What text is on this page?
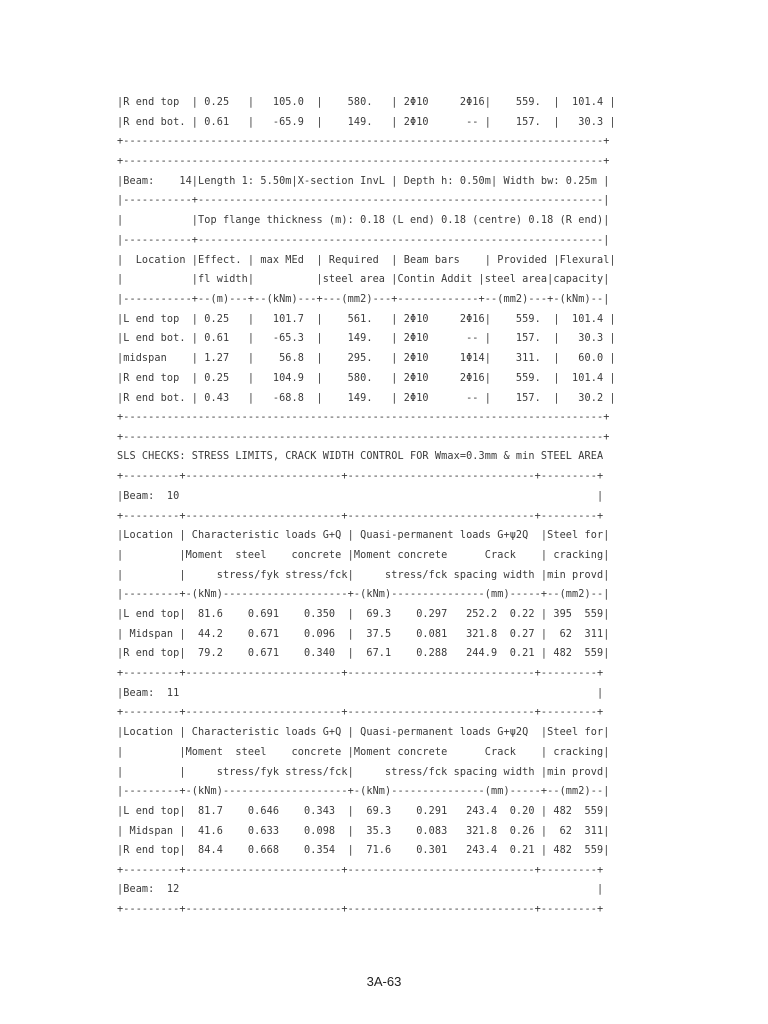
|R end top  | 0.25   |   105.0  |    580.   | 2Φ10     2Φ16|    559.  |  101.4 |
|R end bot. | 0.61   |   -65.9  |    149.   | 2Φ10      -- |    157.  |   30.3 |
+-----------------------------------------------------------------------------+
+-----------------------------------------------------------------------------+
|Beam:    14|Length 1: 5.50m|X-section InvL | Depth h: 0.50m| Width bw: 0.25m |
|-----------+-----------------------------------------------------------------|
|           |Top flange thickness (m): 0.18 (L end) 0.18 (centre) 0.18 (R end)|
|-----------+-----------------------------------------------------------------|
|  Location |Effect. | max MEd  | Required  | Beam bars    | Provided |Flexural|
|           |fl width|          |steel area |Contin Addit |steel area|capacity|
|-----------+--(m)---+--(kNm)---+---(mm2)---+-------------+--(mm2)---+-(kNm)--|
|L end top  | 0.25   |   101.7  |    561.   | 2Φ10     2Φ16|    559.  |  101.4 |
|L end bot. | 0.61   |   -65.3  |    149.   | 2Φ10      -- |    157.  |   30.3 |
|midspan    | 1.27   |    56.8  |    295.   | 2Φ10     1Φ14|    311.  |   60.0 |
|R end top  | 0.25   |   104.9  |    580.   | 2Φ10     2Φ16|    559.  |  101.4 |
|R end bot. | 0.43   |   -68.8  |    149.   | 2Φ10      -- |    157.  |   30.2 |
+-----------------------------------------------------------------------------+
+-----------------------------------------------------------------------------+
SLS CHECKS: STRESS LIMITS, CRACK WIDTH CONTROL FOR Wmax=0.3mm & min STEEL AREA
+---------+-------------------------+------------------------------+---------+
|Beam:  10                                                                   |
+---------+-------------------------+------------------------------+---------+
|Location | Characteristic loads G+Q | Quasi-permanent loads G+ψ2Q  |Steel for|
|         |Moment  steel    concrete |Moment concrete      Crack    | cracking|
|         |     stress/fyk stress/fck|     stress/fck spacing width |min provd|
|---------+-(kNm)--------------------+-(kNm)---------------(mm)-----+--(mm2)--|
|L end top|  81.6    0.691    0.350  |  69.3    0.297   252.2  0.22 | 395  559|
| Midspan |  44.2    0.671    0.096  |  37.5    0.081   321.8  0.27 |  62  311|
|R end top|  79.2    0.671    0.340  |  67.1    0.288   244.9  0.21 | 482  559|
+---------+-------------------------+------------------------------+---------+
|Beam:  11                                                                   |
+---------+-------------------------+------------------------------+---------+
|Location | Characteristic loads G+Q | Quasi-permanent loads G+ψ2Q  |Steel for|
|         |Moment  steel    concrete |Moment concrete      Crack    | cracking|
|         |     stress/fyk stress/fck|     stress/fck spacing width |min provd|
|---------+-(kNm)--------------------+-(kNm)---------------(mm)-----+--(mm2)--|
|L end top|  81.7    0.646    0.343  |  69.3    0.291   243.4  0.20 | 482  559|
| Midspan |  41.6    0.633    0.098  |  35.3    0.083   321.8  0.26 |  62  311|
|R end top|  84.4    0.668    0.354  |  71.6    0.301   243.4  0.21 | 482  559|
+---------+-------------------------+------------------------------+---------+
|Beam:  12                                                                   |
+---------+-------------------------+------------------------------+---------+
3A-63
